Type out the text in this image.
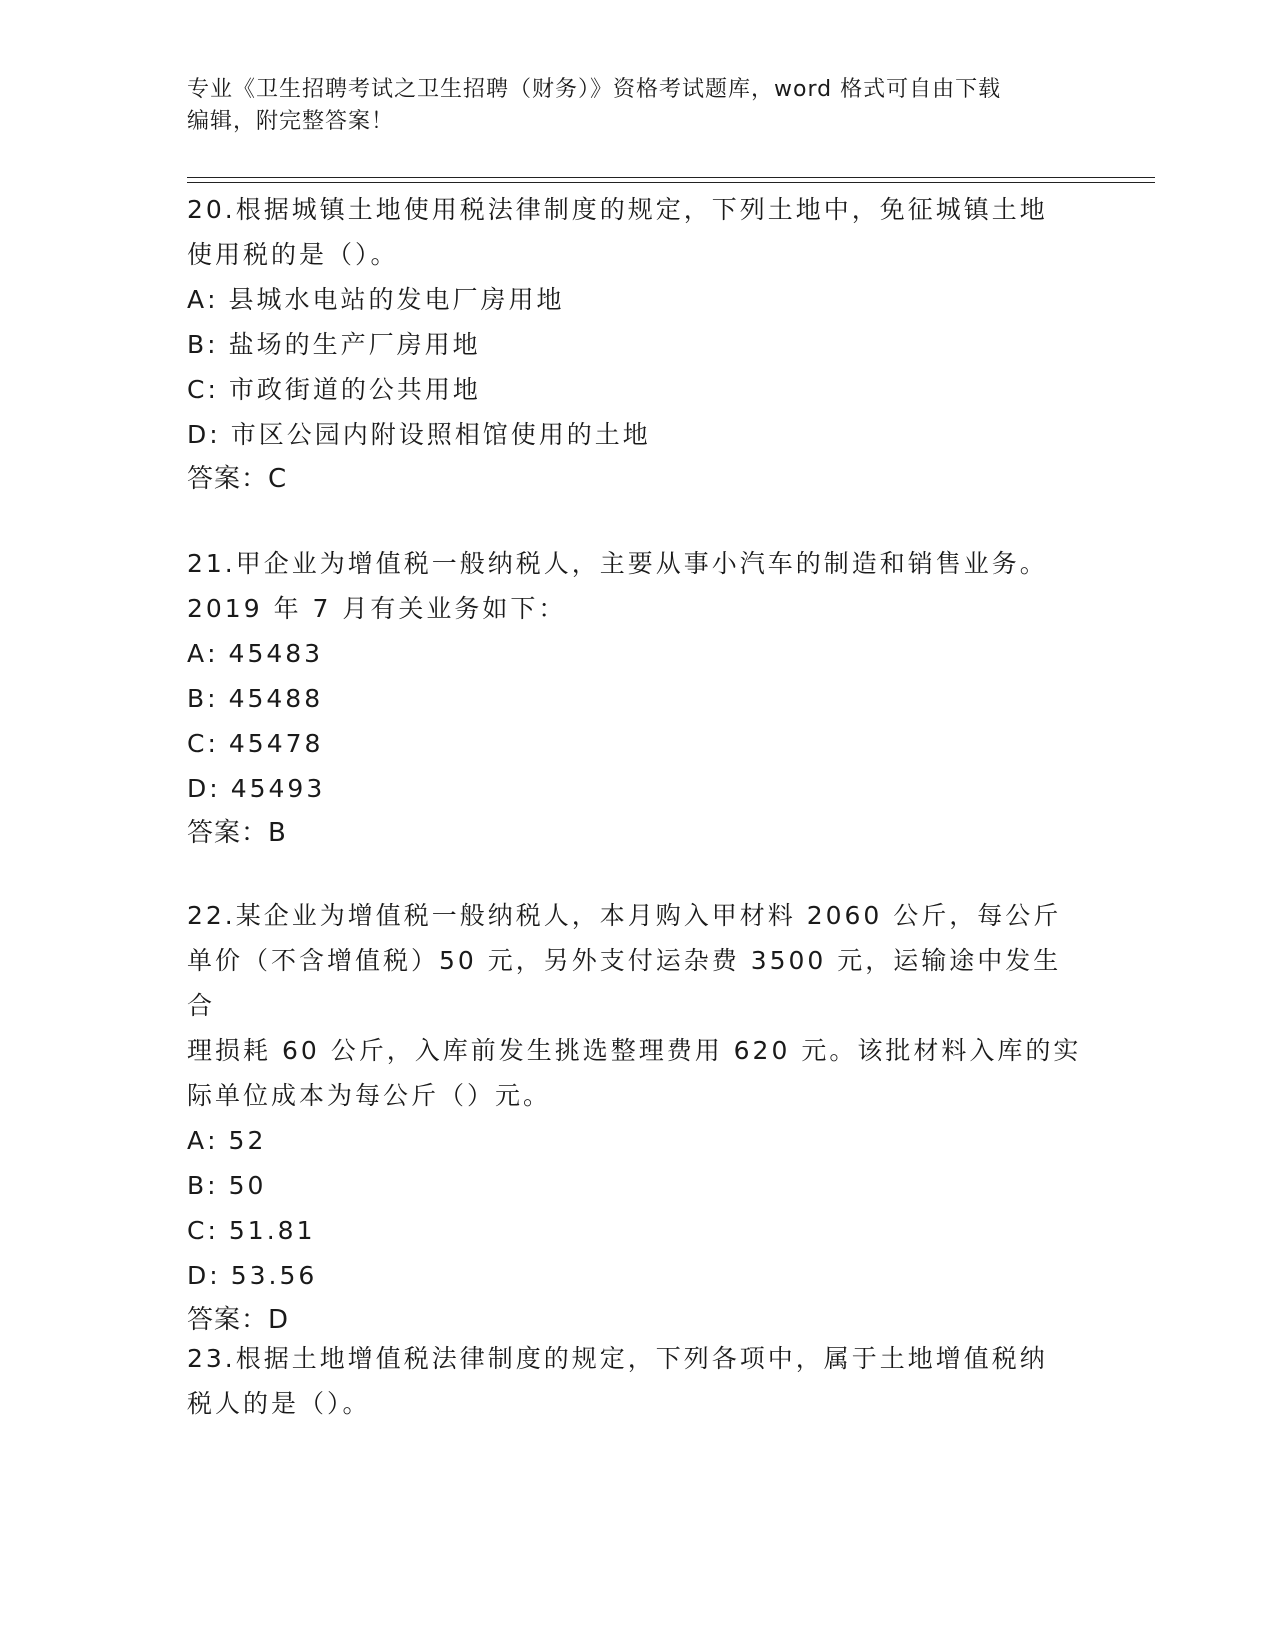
专业《卫生招聘考试之卫生招聘（财务）》资格考试题库，word 格式可自由下载
编辑，附完整答案！
20.根据城镇土地使用税法律制度的规定，下列土地中，免征城镇土地
使用税的是（）。
A : 县城水电站的发电厂房用地
B : 盐场的生产厂房用地
C : 市政街道的公共用地
D : 市区公园内附设照相馆使用的土地
答案：C
21.甲企业为增值税一般纳税人，主要从事小汽车的制造和销售业务。
2019 年 7 月有关业务如下：
A : 45483
B : 45488
C : 45478
D : 45493
答案：B
22.某企业为增值税一般纳税人，本月购入甲材料 2060 公斤，每公斤
单价（不含增值税）50 元，另外支付运杂费 3500 元，运输途中发生合
理损耗 60 公斤，入库前发生挑选整理费用 620 元。该批材料入库的实
际单位成本为每公斤（）元。
A : 52
B : 50
C : 51.81
D : 53.56
答案：D
23.根据土地增值税法律制度的规定，下列各项中，属于土地增值税纳
税人的是（）。
